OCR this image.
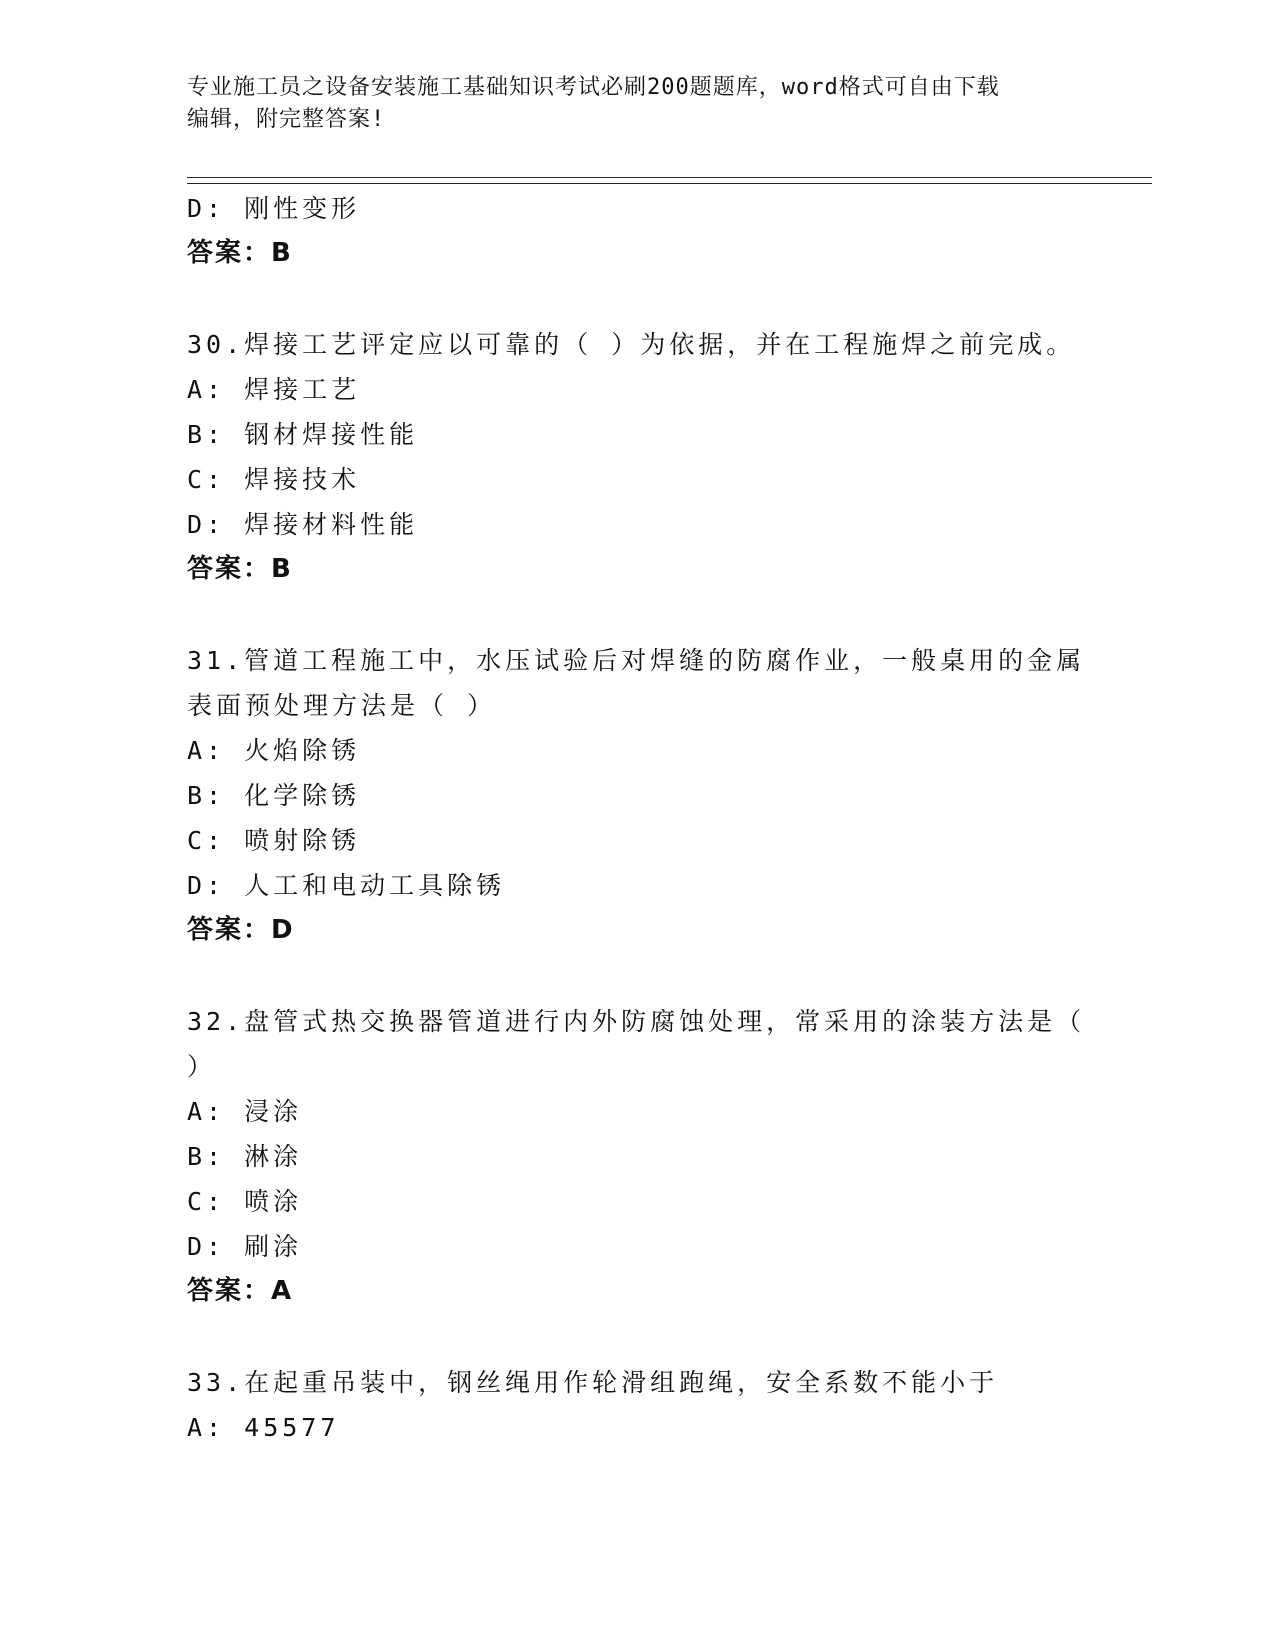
专业施工员之设备安装施工基础知识考试必刷200题题库，word格式可自由下载
编辑，附完整答案!
D: 刚性变形
答案：B
30.焊接工艺评定应以可靠的（ ）为依据，并在工程施焊之前完成。
A: 焊接工艺
B: 钢材焊接性能
C: 焊接技术
D: 焊接材料性能
答案：B
31.管道工程施工中，水压试验后对焊缝的防腐作业，一般桌用的金属
表面预处理方法是（ ）
A: 火焰除锈
B: 化学除锈
C: 喷射除锈
D: 人工和电动工具除锈
答案：D
32.盘管式热交换器管道进行内外防腐蚀处理，常采用的涂装方法是（
）
A: 浸涂
B: 淋涂
C: 喷涂
D: 刷涂
答案：A
33.在起重吊装中，钢丝绳用作轮滑组跑绳，安全系数不能小于
A: 45577
